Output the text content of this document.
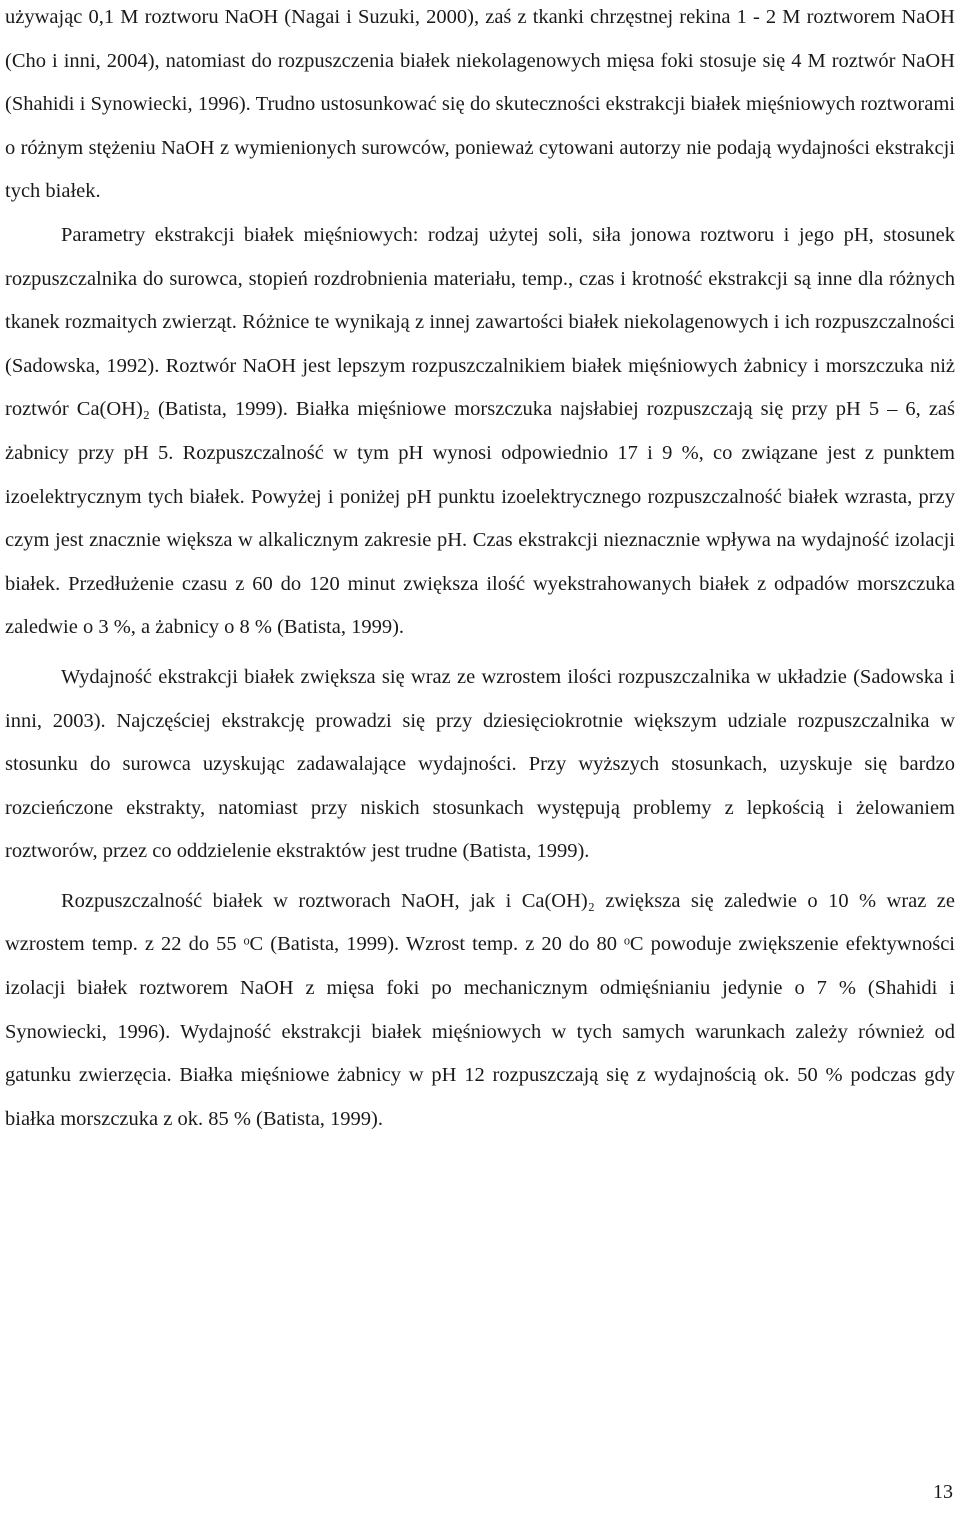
używając 0,1 M roztworu NaOH (Nagai i Suzuki, 2000), zaś z tkanki chrzęstnej rekina 1 - 2 M roztworem NaOH (Cho i inni, 2004), natomiast do rozpuszczenia białek niekolagenowych mięsa foki stosuje się 4 M roztwór NaOH (Shahidi i Synowiecki, 1996). Trudno ustosunkować się do skuteczności ekstrakcji białek mięśniowych roztworami o różnym stężeniu NaOH z wymienionych surowców, ponieważ cytowani autorzy nie podają wydajności ekstrakcji tych białek.

Parametry ekstrakcji białek mięśniowych: rodzaj użytej soli, siła jonowa roztworu i jego pH, stosunek rozpuszczalnika do surowca, stopień rozdrobnienia materiału, temp., czas i krotność ekstrakcji są inne dla różnych tkanek rozmaitych zwierząt. Różnice te wynikają z innej zawartości białek niekolagenowych i ich rozpuszczalności (Sadowska, 1992). Roztwór NaOH jest lepszym rozpuszczalnikiem białek mięśniowych żabnicy i morszczuka niż roztwór Ca(OH)₂ (Batista, 1999). Białka mięśniowe morszczuka najsłabiej rozpuszczają się przy pH 5 – 6, zaś żabnicy przy pH 5. Rozpuszczalność w tym pH wynosi odpowiednio 17 i 9 %, co związane jest z punktem izoelektrycznym tych białek. Powyżej i poniżej pH punktu izoelektrycznego rozpuszczalność białek wzrasta, przy czym jest znacznie większa w alkalicznym zakresie pH. Czas ekstrakcji nieznacznie wpływa na wydajność izolacji białek. Przedłużenie czasu z 60 do 120 minut zwiększa ilość wyekstrahowanych białek z odpadów morszczuka zaledwie o 3 %, a żabnicy o 8 % (Batista, 1999).

Wydajność ekstrakcji białek zwiększa się wraz ze wzrostem ilości rozpuszczalnika w układzie (Sadowska i inni, 2003). Najczęściej ekstrakcję prowadzi się przy dziesięciokrotnie większym udziale rozpuszczalnika w stosunku do surowca uzyskując zadawalające wydajności. Przy wyższych stosunkach, uzyskuje się bardzo rozcieńczone ekstrakty, natomiast przy niskich stosunkach występują problemy z lepkością i żelowaniem roztworów, przez co oddzielenie ekstraktów jest trudne (Batista, 1999).

Rozpuszczalność białek w roztworach NaOH, jak i Ca(OH)₂ zwiększa się zaledwie o 10 % wraz ze wzrostem temp. z 22 do 55 ᵒC (Batista, 1999). Wzrost temp. z 20 do 80 ᵒC powoduje zwiększenie efektywności izolacji białek roztworem NaOH z mięsa foki po mechanicznym odmięśnianiu jedynie o 7 % (Shahidi i Synowiecki, 1996). Wydajność ekstrakcji białek mięśniowych w tych samych warunkach zależy również od gatunku zwierzęcia. Białka mięśniowe żabnicy w pH 12 rozpuszczają się z wydajnością ok. 50 % podczas gdy białka morszczuka z ok. 85 % (Batista, 1999).

13
